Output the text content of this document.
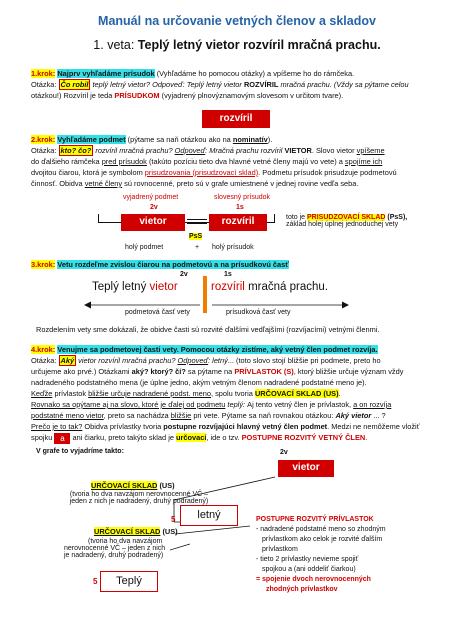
Manuál na určovanie vetných členov a skladov
1. veta: Teplý letný vietor rozvíril mračná prachu.
1.krok: Najprv vyhľadáme prísudok (Vyhľadáme ho pomocou otázky) a vpíšeme ho do rámčeka.
Otázka: Čo robil teplý letný vietor? Odpoveď: Teplý letný vietor ROZVÍRIL mračná prachu. (Vždy sa pýtame celou
otázkou!) Rozvíril je teda PRÍSUDKOM (vyjadrený plnovýznamovým slovesom v určitom tvare).
rozvíril
2.krok: Vyhľadáme podmet (pýtame sa naň otázkou ako na nominatív).
Otázka: kto? čo? rozvíril mračná prachu? Odpoveď: Mračná prachu rozvíril VIETOR. Slovo vietor vpíšeme
do ďalšieho rámčeka pred prísudok (takúto pozíciu tieto dva hlavné vetné členy majú vo vete) a spojíme ich
dvojitou čiarou, ktorá je symbolom prisudzovania (prisudzovací sklad). Podmetu prísudok prisudzuje podmetovú
činnosť. Obidva vetné členy sú rovnocenné, preto sú v grafe umiestnené v jednej rovine vedľa seba.
vyjadrený podmet
2v
slovesný prísudok
1s
vietor	rozvíril
PsS
holý podmet	+ holý prísudok
toto je PRISUDZOVACÍ SKLAD (PsS),
základ holej úplnej jednoduchej vety
3.krok: Vetu rozdeľme zvislou čiarou na podmetovú a na prísudkovú časť
2v	1s
Teplý letný vietor	rozvíril mračná prachu.
podmetová časť vety	prísudková časť vety
Rozdelením vety sme dokázali, že obidve časti sú rozvité ďalšími vedľajšími (rozvíjacími) vetnými členmi.
4.krok: Venujme sa podmetovej časti vety. Pomocou otázky zistíme, aký vetný člen podmet rozvíja.
Otázka: Aký vietor rozvíril mračná prachu? Odpoveď: letný... (toto slovo stojí bližšie pri podmete, preto ho
určujeme ako prvé.) Otázkami aký? ktorý? čí? sa pýtame na PRÍVLASTOK (S), ktorý bližšie určuje význam vždy
nadradeného podstatného mena (je úplne jedno, akým vetným členom nadradené podstatné meno je).
Keďže prívlastok bližšie určuje nadradené podst. meno, spolu tvoria URČOVACÍ SKLAD (US).
Rovnako sa opýtame aj na slovo, ktoré je ďalej od podmetu teplý: Aj tento vetný člen je prívlastok, a on rozvíja
podstatné meno vietor, preto sa nachádza bližšie pri vete. Pýtame sa naň rovnakou otázkou: Aký vietor ... ?
Prečo je to tak? Obidva prívlastky tvoria postupne rozvíjajúci hlavný vetný člen podmet. Medzi ne nemôžeme vložiť
spojku a ani čiarku, preto takýto sklad je určovací, ide o tzv. POSTUPNE ROZVITÝ VETNÝ ČLEN.
V grafe to vyjadríme takto:	2v
vietor
URČOVACÍ SKLAD (US)
(tvoria ho dva navzájom nerovnocenné VČ –
jeden z nich je nadradený, druhý podradený)
5	letný
URČOVACÍ SKLAD (US)
(tvoria ho dva navzájom
nerovnocenné VČ – jeden z nich
je nadradený, druhý podradený)
5	Teplý
POSTUPNE ROZVITÝ PRÍVLASTOK
- nadradené podstatné meno so zhodným
prívlastkom ako celok je rozvité ďalším
prívlastkom
- tieto 2 prívlastky nevieme spojiť
spojkou a (ani oddeliť čiarkou)
= spojenie dvoch nerovnocenných
zhodných prívlastkov
